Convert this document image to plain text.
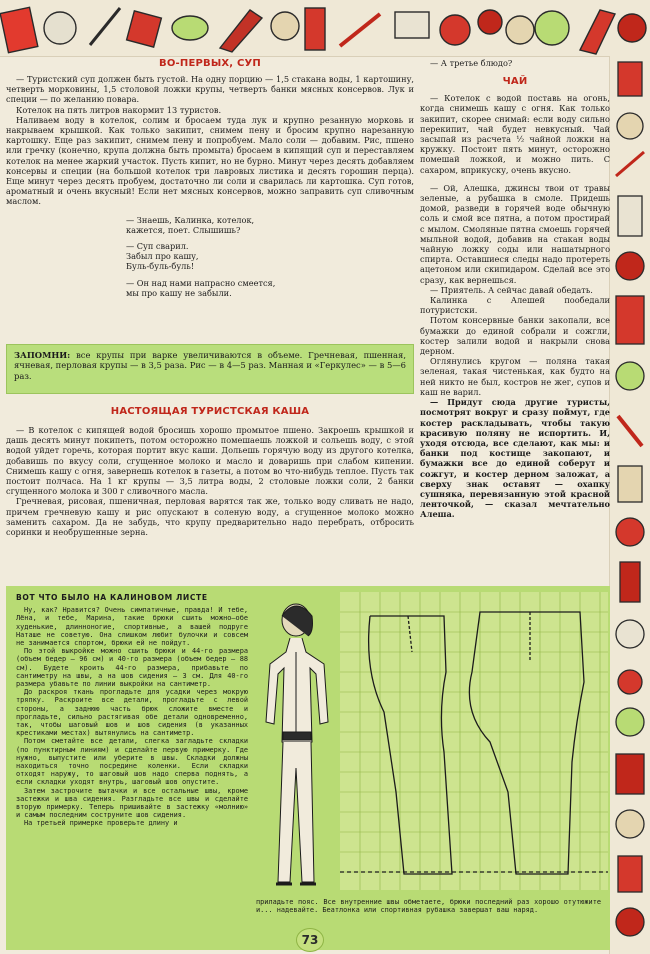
ВО-ПЕРВЫХ, СУП

— Туристский суп должен быть густой. На одну порцию — 1,5 стакана воды, 1 картошину, четверть морковины, 1,5 столовой ложки крупы, четверть банки мясных консервов. Лук и специи — по желанию повара.

Котелок на пять литров накормит 13 туристов.

Наливаем воду в котелок, солим и бросаем туда лук и крупно резанную морковь и накрываем крышкой. Как только закипит, снимем пену и бросим крупно нарезанную картошку. Еще раз закипит, снимем пену и попробуем. Мало соли — добавим. Рис, пшено или гречку (конечно, крупа должна быть промыта) бросаем в кипящий суп и переставляем котелок на менее жаркий участок. Пусть кипит, но не бурно. Минут через десять добавляем консервы и специи (на большой котелок три лавровых листика и десять горошин перца). Еще минут через десять пробуем, достаточно ли соли и сварилась ли картошка. Суп готов, ароматный и очень вкусный! Если нет мясных консервов, можно заправить суп сливочным маслом.

— Знаешь, Калинка, котелок, кажется, поет. Слышишь?
— Суп сварил.
Забыл про кашу,
Буль-буль-буль!
— Он над нами напрасно смеется,
мы про кашу не забыли.
ЗАПОМНИ: все крупы при варке увеличиваются в объеме. Гречневая, пшенная, ячневая, перловая крупы — в 3,5 раза. Рис — в 4—5 раз. Манная и «Геркулес» — в 5—6 раз.
НАСТОЯЩАЯ ТУРИСТСКАЯ КАША

— В котелок с кипящей водой бросишь хорошо промытое пшено. Закроешь крышкой и дашь десять минут покипеть, потом осторожно помешаешь ложкой и сольешь воду, с этой водой уйдет горечь, которая портит вкус каши. Дольешь горячую воду из другого котелка, добавишь по вкусу соли, сгущенное молоко и масло и доваришь при слабом кипении. Снимешь кашу с огня, завернешь котелок в газеты, а потом во что-нибудь теплое. Пусть так постоит полчаса. На 1 кг крупы — 3,5 литра воды, 2 столовые ложки соли, 2 банки сгущенного молока и 300 г сливочного масла.

Гречневая, рисовая, пшеничная, перловая варятся так же, только воду сливать не надо, причем гречневую кашу и рис опускают в соленую воду, а сгущенное молоко можно заменить сахаром. Да не забудь, что крупу предварительно надо перебрать, отбросить соринки и необрушенные зерна.

— А третье блюдо?

ЧАЙ

— Котелок с водой поставь на огонь, когда снимешь кашу с огня. Как только закипит, скорее снимай: если воду сильно перекипит, чай будет невкусный. Чай засыпай из расчета ½ чайной ложки на кружку. Постоит пять минут, осторожно помешай ложкой, и можно пить. С сахаром, вприкуску, очень вкусно.

— Ой, Алешка, джинсы твои от травы зеленые, а рубашка в смоле. Придешь домой, разведи в горячей воде обычную соль и смой все пятна, а потом простирай с мылом. Смоляные пятна смоешь горячей мыльной водой, добавив на стакан воды чайную ложку соды или нашатырного спирта. Оставшиеся следы надо протереть ацетоном или скипидаром. Сделай все это сразу, как вернешься.

— Приятель. А сейчас давай обедать.

Калинка с Алешей пообедали потуристски.

Потом консервные банки закопали, все бумажки до единой собрали и сожгли, костер залили водой и накрыли снова дерном.

Оглянулись кругом — поляна такая зеленая, такая чистенькая, как будто на ней никто не был, костров не жег, супов и каш не варил.

— Придут сюда другие туристы, посмотрят вокруг и сразу поймут, где костер раскладывать, чтобы такую красивую поляну не испортить. И, уходя отсюда, все сделают, как мы: и банки под костище закопают, и бумажки все до единой соберут и сожгут, и костер дерном заложат, а сверху знак оставят — охапку сушняка, перевязанную этой красной ленточкой, — сказал мечтательно Алеша.

ВОТ ЧТО БЫЛО НА КАЛИНОВОМ ЛИСТЕ

Ну, как? Нравится? Очень симпатичные, правда! И тебе, Лёна, и тебе, Марина, такие брюки сшить можно—обе худенькие, длинноногие, спортивные, а вашей подруге Наташе не советую. Она слишком любит булочки и совсем не занимается спортом, брюки ей не пойдут.

По этой выкройке можно сшить брюки и 44-го размера (объем бедер — 96 см) и 40-го размера (объем бедер — 88 см). Будете кроить 44-го размера, прибавьте по сантиметру на швы, а на шов сидения — 3 см. Для 40-го размера убавьте по линии выкройки на сантиметр.

До раскроя ткань прогладьте для усадки через мокрую тряпку. Раскроите все детали, прогладьте с левой стороны, а заднюю часть брюк сложите вместе и прогладьте, сильно растягивая обе детали одновременно, так, чтобы шаговый шов и шов сидения (в указанных крестиками местах) вытянулись на сантиметр.

Потом сметайте все детали, слегка загладьте складки (по пунктирным линиям) и сделайте первую примерку. Где нужно, выпустите или уберите в швы. Складки должны находиться точно посредине коленки. Если складки отходят наружу, то шаговый шов надо сперва поднять, а если складки уходят внутрь, шаговый шов опустите.

Затем застрочите вытачки и все остальные швы, кроме застежки и шва сидения. Разгладьте все швы и сделайте вторую примерку. Теперь пришивайте в застежку «молнию» и самым последним соструните шов сидения.

На третьей примерке проверьте длину и

приладьте пояс. Все внутренние швы обметаете, брюки последний раз хорошо отутюжите и... надевайте. Беатлонка или спортивная рубашка завершат ваш наряд.
73
